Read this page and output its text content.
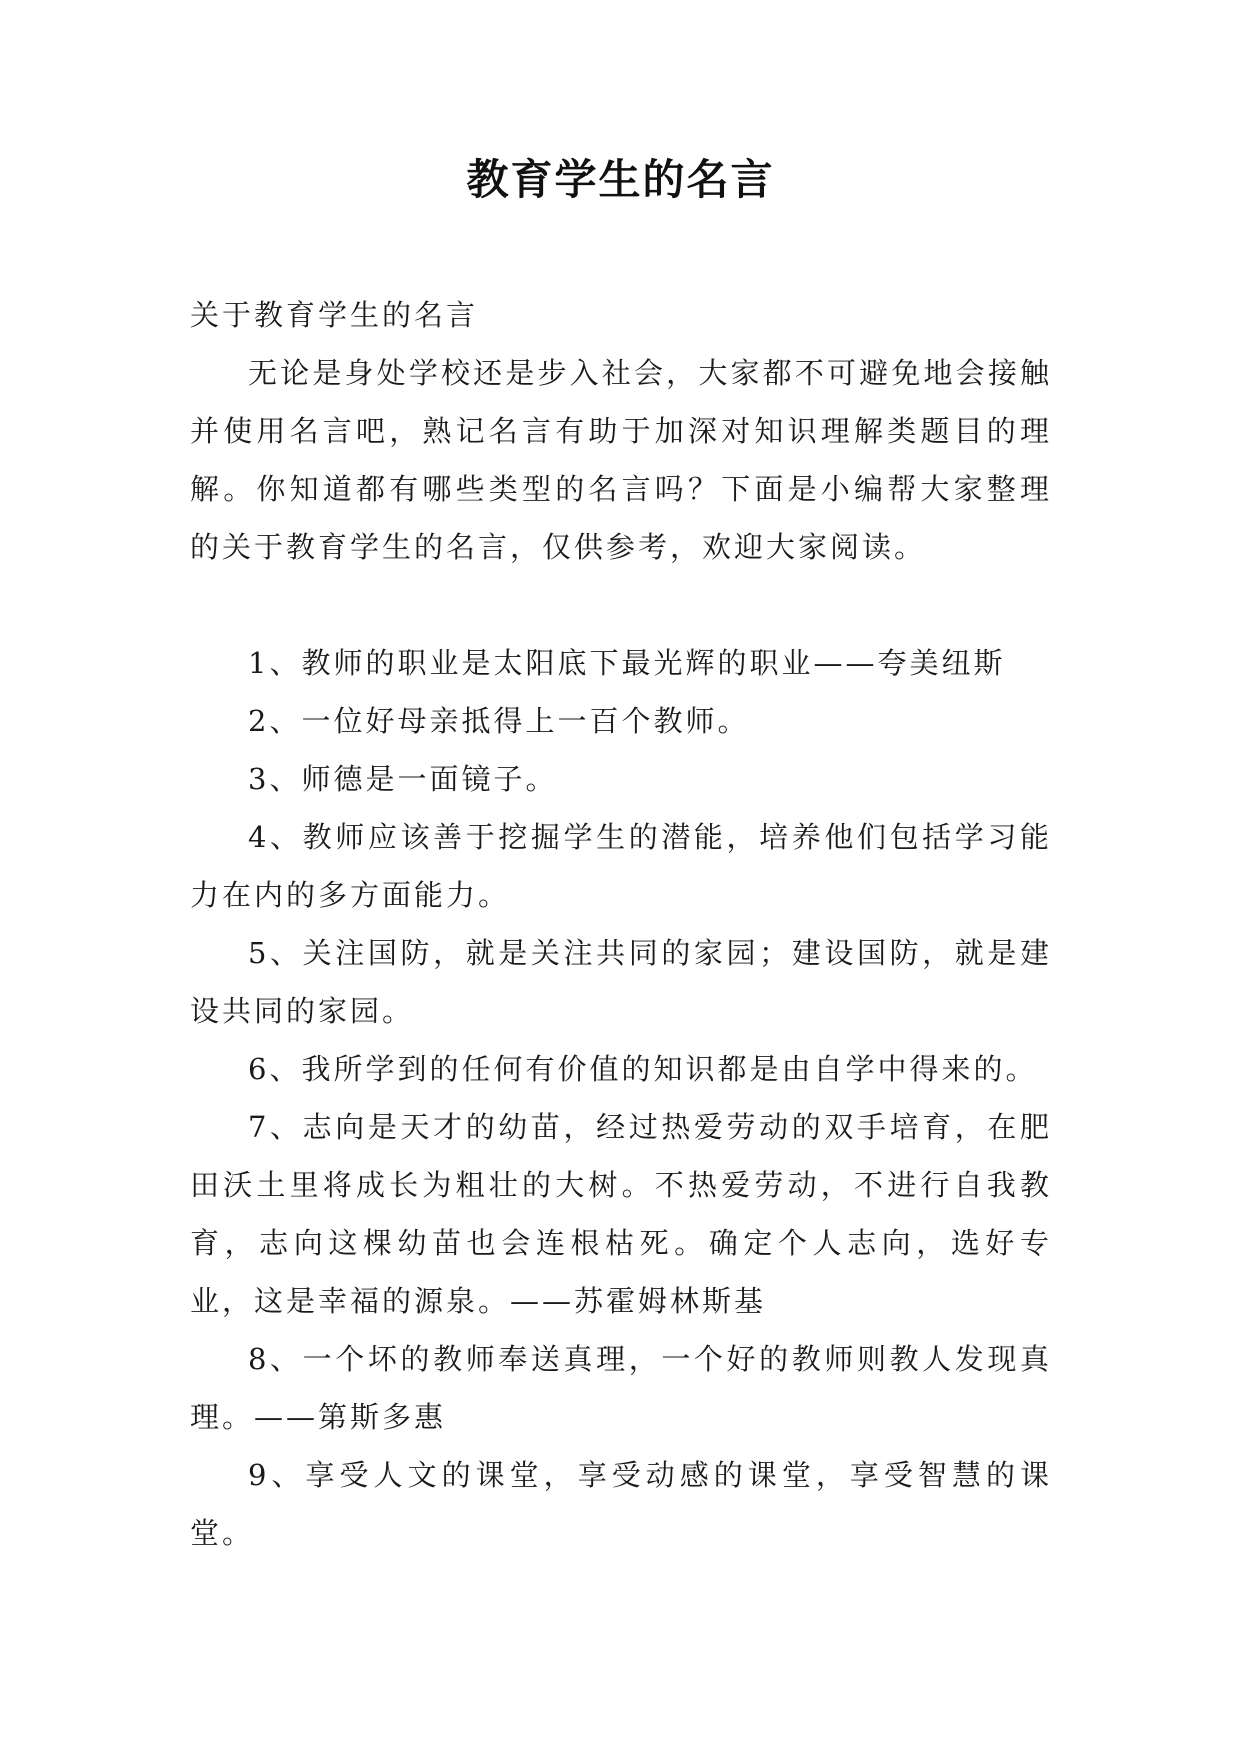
教育学生的名言

关于教育学生的名言

无论是身处学校还是步入社会，大家都不可避免地会接触并使用名言吧，熟记名言有助于加深对知识理解类题目的理解。你知道都有哪些类型的名言吗？下面是小编帮大家整理的关于教育学生的名言，仅供参考，欢迎大家阅读。

1、教师的职业是太阳底下最光辉的职业——夸美纽斯

2、一位好母亲抵得上一百个教师。

3、师德是一面镜子。

4、教师应该善于挖掘学生的潜能，培养他们包括学习能力在内的多方面能力。

5、关注国防，就是关注共同的家园；建设国防，就是建设共同的家园。

6、我所学到的任何有价值的知识都是由自学中得来的。

7、志向是天才的幼苗，经过热爱劳动的双手培育，在肥田沃土里将成长为粗壮的大树。不热爱劳动，不进行自我教育，志向这棵幼苗也会连根枯死。确定个人志向，选好专业，这是幸福的源泉。——苏霍姆林斯基

8、一个坏的教师奉送真理，一个好的教师则教人发现真理。——第斯多惠

9、享受人文的课堂，享受动感的课堂，享受智慧的课堂。
